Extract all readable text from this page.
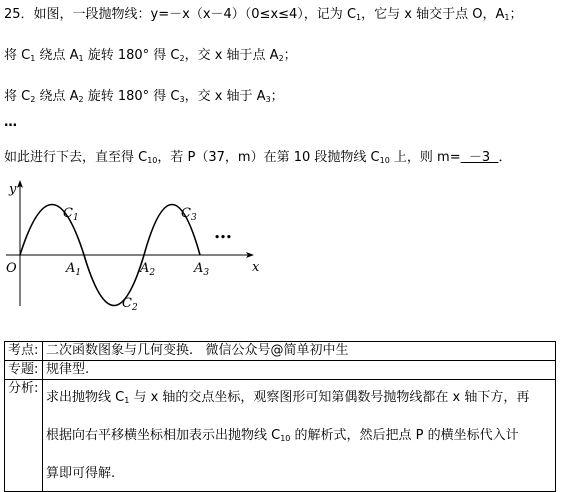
25．如图，一段抛物线：y=－x（x－4）（0≤x≤4），记为 $C_1$，它与 x 轴交于点 O，$A_1$；
将 $C_1$ 绕点 $A_1$ 旋转 180° 得 $C_2$，交 x 轴于点 $A_2$；
将 $C_2$ 绕点 $A_2$ 旋转 180° 得 $C_3$，交 x 轴于 $A_3$；
…
如此进行下去，直至得 $C_{10}$，若 P（37，m）在第 10 段抛物线 $C_{10}$ 上，则 m=  －3  ．
y
x
O	$A_1$	$A_2$	$A_3$
$C_1$
$C_2$
$C_3$
…
考点:	二次函数图象与几何变换.   微信公众号@简单初中生
专题:	规律型.
分析:	求出抛物线 $C_1$ 与 x 轴的交点坐标，观察图形可知第偶数号抛物线都在 x 轴下方，再
根据向右平移横坐标相加表示出抛物线 $C_{10}$ 的解析式，然后把点 P 的横坐标代入计
算即可得解.
